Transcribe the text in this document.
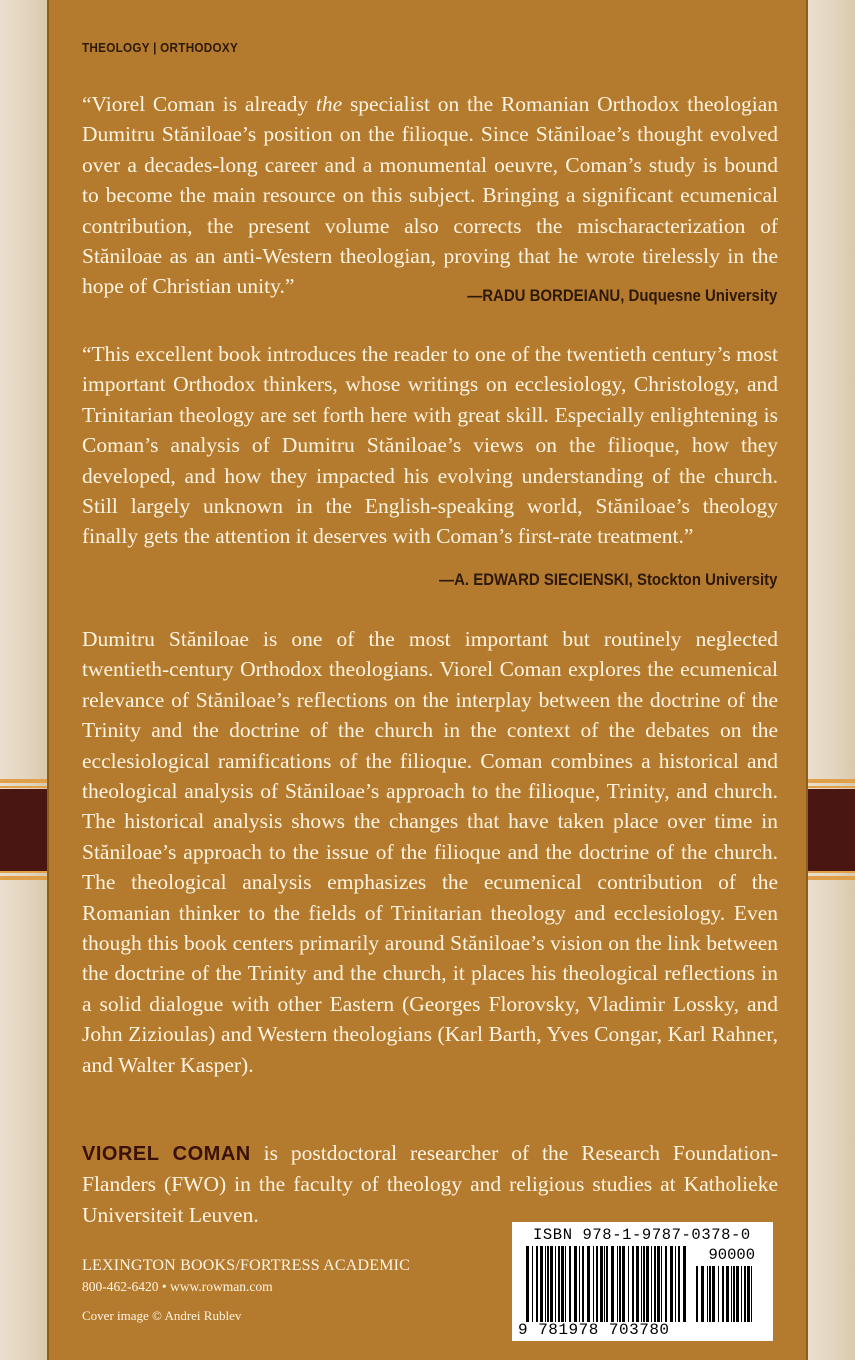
THEOLOGY | ORTHODOXY
“Viorel Coman is already the specialist on the Romanian Orthodox theologian Dumitru Stăniloae’s position on the filioque. Since Stăniloae’s thought evolved over a decades-long career and a monumental oeuvre, Coman’s study is bound to become the main resource on this subject. Bringing a significant ecumenical contribution, the present volume also corrects the mischaracterization of Stăniloae as an anti-Western theologian, proving that he wrote tirelessly in the hope of Christian unity.”	—RADU BORDEIANU, Duquesne University
“This excellent book introduces the reader to one of the twentieth century’s most important Orthodox thinkers, whose writings on ecclesiology, Christology, and Trinitarian theology are set forth here with great skill. Especially enlightening is Coman’s analysis of Dumitru Stăniloae’s views on the filioque, how they developed, and how they impacted his evolving understanding of the church. Still largely unknown in the English-speaking world, Stăniloae’s theology finally gets the attention it deserves with Coman’s first-rate treatment.”
—A. EDWARD SIECIENSKI, Stockton University
Dumitru Stăniloae is one of the most important but routinely neglected twentieth-century Orthodox theologians. Viorel Coman explores the ecumenical relevance of Stăniloae’s reflections on the interplay between the doctrine of the Trinity and the doctrine of the church in the context of the debates on the ecclesiological ramifications of the filioque. Coman combines a historical and theological analysis of Stăniloae’s approach to the filioque, Trinity, and church. The historical analysis shows the changes that have taken place over time in Stăniloae’s approach to the issue of the filioque and the doctrine of the church. The theological analysis emphasizes the ecumenical contribution of the Romanian thinker to the fields of Trinitarian theology and ecclesiology. Even though this book centers primarily around Stăniloae’s vision on the link between the doctrine of the Trinity and the church, it places his theological reflections in a solid dialogue with other Eastern (Georges Florovsky, Vladimir Lossky, and John Zizioulas) and Western theologians (Karl Barth, Yves Congar, Karl Rahner, and Walter Kasper).
VIOREL COMAN is postdoctoral researcher of the Research Foundation-Flanders (FWO) in the faculty of theology and religious studies at Katholieke Universiteit Leuven.
LEXINGTON BOOKS/FORTRESS ACADEMIC
800-462-6420 • www.rowman.com
Cover image © Andrei Rublev
ISBN 978-1-9787-0378-0
90000
9 781978 703780
